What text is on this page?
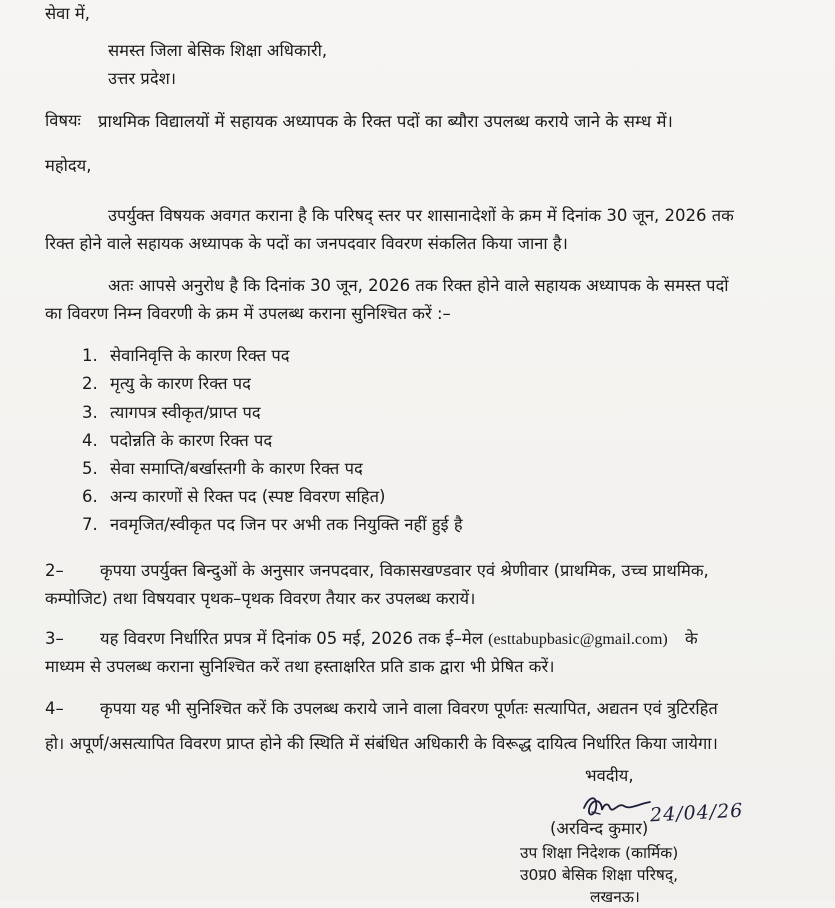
सेवा में,
समस्त जिला बेसिक शिक्षा अधिकारी,
उत्तर प्रदेश।
विषयः प्राथमिक विद्यालयों में सहायक अध्यापक के रिक्त पदों का ब्यौरा उपलब्ध कराये जाने के सम्ध में।
महोदय,
उपर्युक्त विषयक अवगत कराना है कि परिषद् स्तर पर शासानादेशों के क्रम में दिनांक 30 जून, 2026 तक
रिक्त होने वाले सहायक अध्यापक के पदों का जनपदवार विवरण संकलित किया जाना है।
अतः आपसे अनुरोध है कि दिनांक 30 जून, 2026 तक रिक्त होने वाले सहायक अध्यापक के समस्त पदों
का विवरण निम्न विवरणी के क्रम में उपलब्ध कराना सुनिश्चित करें :–
1. सेवानिवृत्ति के कारण रिक्त पद
2. मृत्यु के कारण रिक्त पद
3. त्यागपत्र स्वीकृत/प्राप्त पद
4. पदोन्नति के कारण रिक्त पद
5. सेवा समाप्ति/बर्खास्तगी के कारण रिक्त पद
6. अन्य कारणों से रिक्त पद (स्पष्ट विवरण सहित)
7. नवमृजित/स्वीकृत पद जिन पर अभी तक नियुक्ति नहीं हुई है
2– कृपया उपर्युक्त बिन्दुओं के अनुसार जनपदवार, विकासखण्डवार एवं श्रेणीवार (प्राथमिक, उच्च प्राथमिक,
कम्पोजिट) तथा विषयवार पृथक–पृथक विवरण तैयार कर उपलब्ध करायें।
3– यह विवरण निर्धारित प्रपत्र में दिनांक 05 मई, 2026 तक ई–मेल (esttabupbasic@gmail.com) के
माध्यम से उपलब्ध कराना सुनिश्चित करें तथा हस्ताक्षरित प्रति डाक द्वारा भी प्रेषित करें।
4– कृपया यह भी सुनिश्चित करें कि उपलब्ध कराये जाने वाला विवरण पूर्णतः सत्यापित, अद्यतन एवं त्रुटिरहित
हो। अपूर्ण/असत्यापित विवरण प्राप्त होने की स्थिति में संबंधित अधिकारी के विरूद्ध दायित्व निर्धारित किया जायेगा।
भवदीय,
24/04/26
(अरविन्द कुमार)
उप शिक्षा निदेशक (कार्मिक)
उ0प्र0 बेसिक शिक्षा परिषद्,
लखनऊ।
